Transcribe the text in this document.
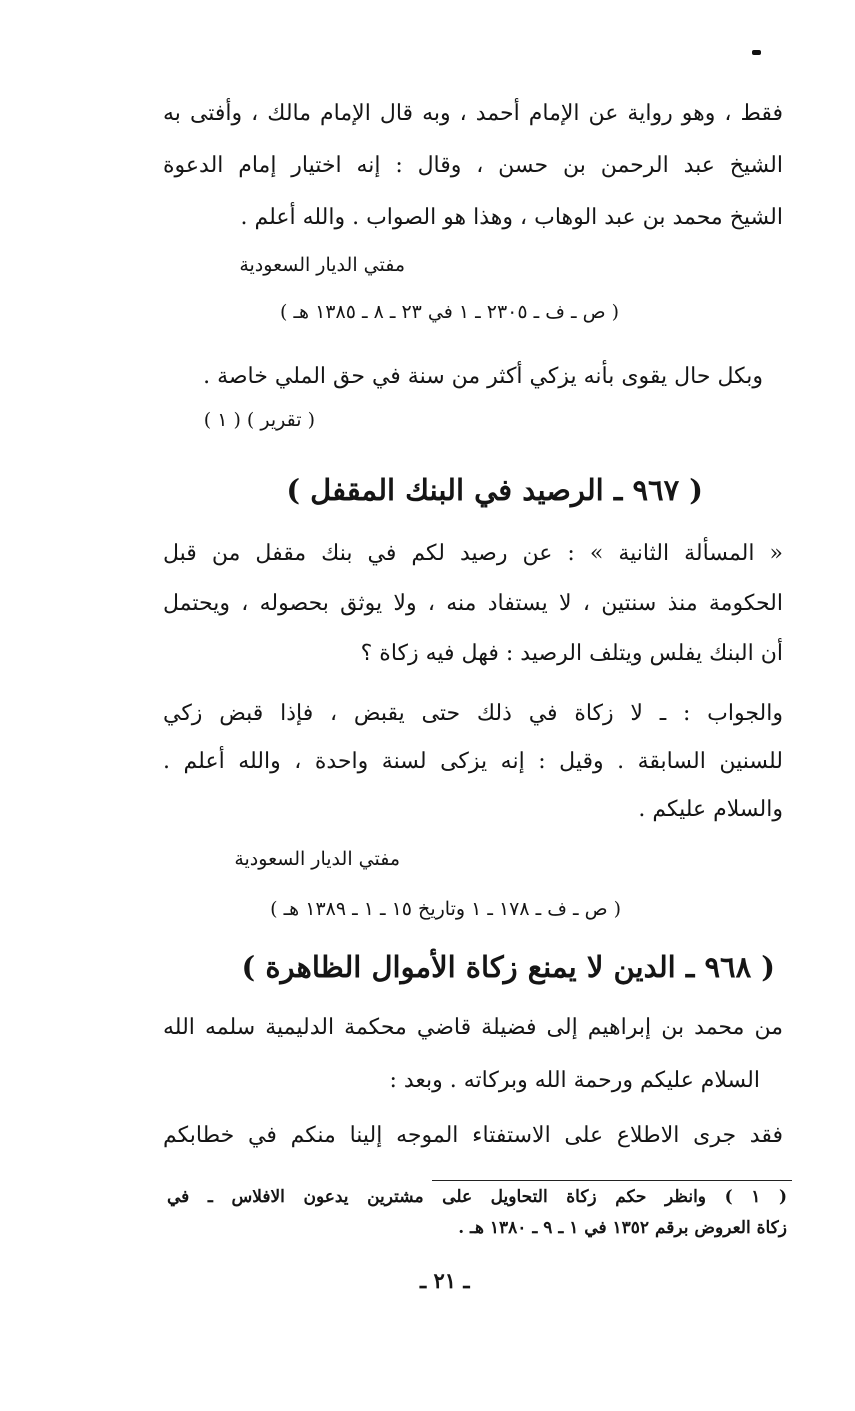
فقط ، وهو رواية عن الإمام أحمد ، وبه قال الإمام مالك ، وأفتى به
الشيخ عبد الرحمن بن حسن ، وقال : إنه اختيار إمام الدعوة
الشيخ محمد بن عبد الوهاب ، وهذا هو الصواب . والله أعلم .
مفتي الديار السعودية
( ص ـ ف ـ ٢٣٠٥ ـ ١ في ٢٣ ـ ٨ ـ ١٣٨٥ هـ )
وبكل حال يقوى بأنه يزكي أكثر من سنة في حق الملي خاصة .
( تقرير ) ( ١ )
( ٩٦٧ ـ الرصيد في البنك المقفل )
« المسألة الثانية » : عن رصيد لكم في بنك مقفل من قبل
الحكومة منذ سنتين ، لا يستفاد منه ، ولا يوثق بحصوله ، ويحتمل
أن البنك يفلس ويتلف الرصيد : فهل فيه زكاة ؟
والجواب : ـ لا زكاة في ذلك حتى يقبض ، فإذا قبض زكي
للسنين السابقة . وقيل : إنه يزكى لسنة واحدة ، والله أعلم .
والسلام عليكم .
مفتي الديار السعودية
( ص ـ ف ـ ١٧٨ ـ ١ وتاريخ ١٥ ـ ١ ـ ١٣٨٩ هـ )
( ٩٦٨ ـ الدين لا يمنع زكاة الأموال الظاهرة )
من محمد بن إبراهيم إلى فضيلة قاضي محكمة الدليمية سلمه الله
السلام عليكم ورحمة الله وبركاته . وبعد :
فقد جرى الاطلاع على الاستفتاء الموجه إلينا منكم في خطابكم
( ١ ) وانظر حكم زكاة التحاويل على مشترين يدعون الافلاس ـ في
زكاة العروض برقم ١٣٥٢ في ١ ـ ٩ ـ ١٣٨٠ هـ .
ـ ٢١ ـ
